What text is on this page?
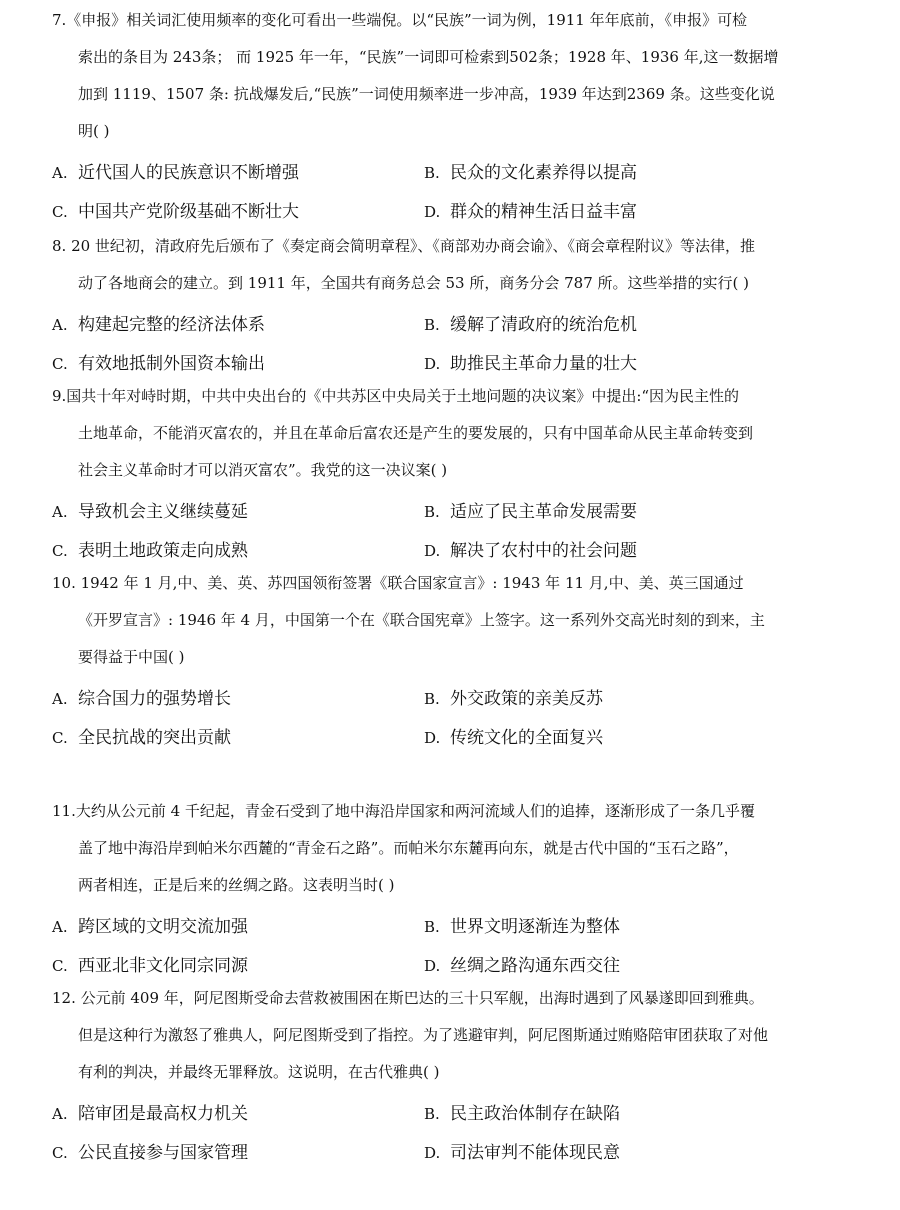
7.《申报》相关词汇使用频率的变化可看出一些端倪。以“民族”一词为例，1911 年年底前，《申报》可检
索出的条目为 243条； 而 1925 年一年，“民族”一词即可检索到502条；1928 年、1936 年,这一数据增
加到 1119、1507 条: 抗战爆发后,“民族”一词使用频率进一步冲高，1939 年达到2369 条。这些变化说
明( )
A. 近代国人的民族意识不断增强	B. 民众的文化素养得以提高
C. 中国共产党阶级基础不断壮大	D. 群众的精神生活日益丰富
8. 20 世纪初，清政府先后颁布了《奏定商会简明章程》、《商部劝办商会谕》、《商会章程附议》等法律，推
动了各地商会的建立。到 1911 年，全国共有商务总会 53 所，商务分会 787 所。这些举措的实行( )
A. 构建起完整的经济法体系	B. 缓解了清政府的统治危机
C. 有效地抵制外国资本输出	D. 助推民主革命力量的壮大
9.国共十年对峙时期，中共中央出台的《中共苏区中央局关于土地问题的决议案》中提出:“因为民主性的
土地革命，不能消灭富农的，并且在革命后富农还是产生的要发展的，只有中国革命从民主革命转变到
社会主义革命时才可以消灭富农”。我党的这一决议案( )
A. 导致机会主义继续蔓延	B. 适应了民主革命发展需要
C. 表明土地政策走向成熟	D. 解决了农村中的社会问题
10. 1942 年 1 月,中、美、英、苏四国领衔签署《联合国家宣言》: 1943 年 11 月,中、美、英三国通过
《开罗宣言》: 1946 年 4 月，中国第一个在《联合国宪章》上签字。这一系列外交高光时刻的到来，主
要得益于中国( )
A. 综合国力的强势增长	B. 外交政策的亲美反苏
C. 全民抗战的突出贡献	D. 传统文化的全面复兴
11.大约从公元前 4 千纪起，青金石受到了地中海沿岸国家和两河流域人们的追捧，逐渐形成了一条几乎覆
盖了地中海沿岸到帕米尔西麓的“青金石之路”。而帕米尔东麓再向东，就是古代中国的“玉石之路”，
两者相连，正是后来的丝绸之路。这表明当时( )
A. 跨区域的文明交流加强	B. 世界文明逐渐连为整体
C. 西亚北非文化同宗同源	D. 丝绸之路沟通东西交往
12. 公元前 409 年，阿尼图斯受命去营救被围困在斯巴达的三十只军舰，出海时遇到了风暴遂即回到雅典。
但是这种行为激怒了雅典人，阿尼图斯受到了指控。为了逃避审判，阿尼图斯通过贿赂陪审团获取了对他
有利的判决，并最终无罪释放。这说明，在古代雅典( )
A. 陪审团是最高权力机关	B. 民主政治体制存在缺陷
C. 公民直接参与国家管理	D. 司法审判不能体现民意
